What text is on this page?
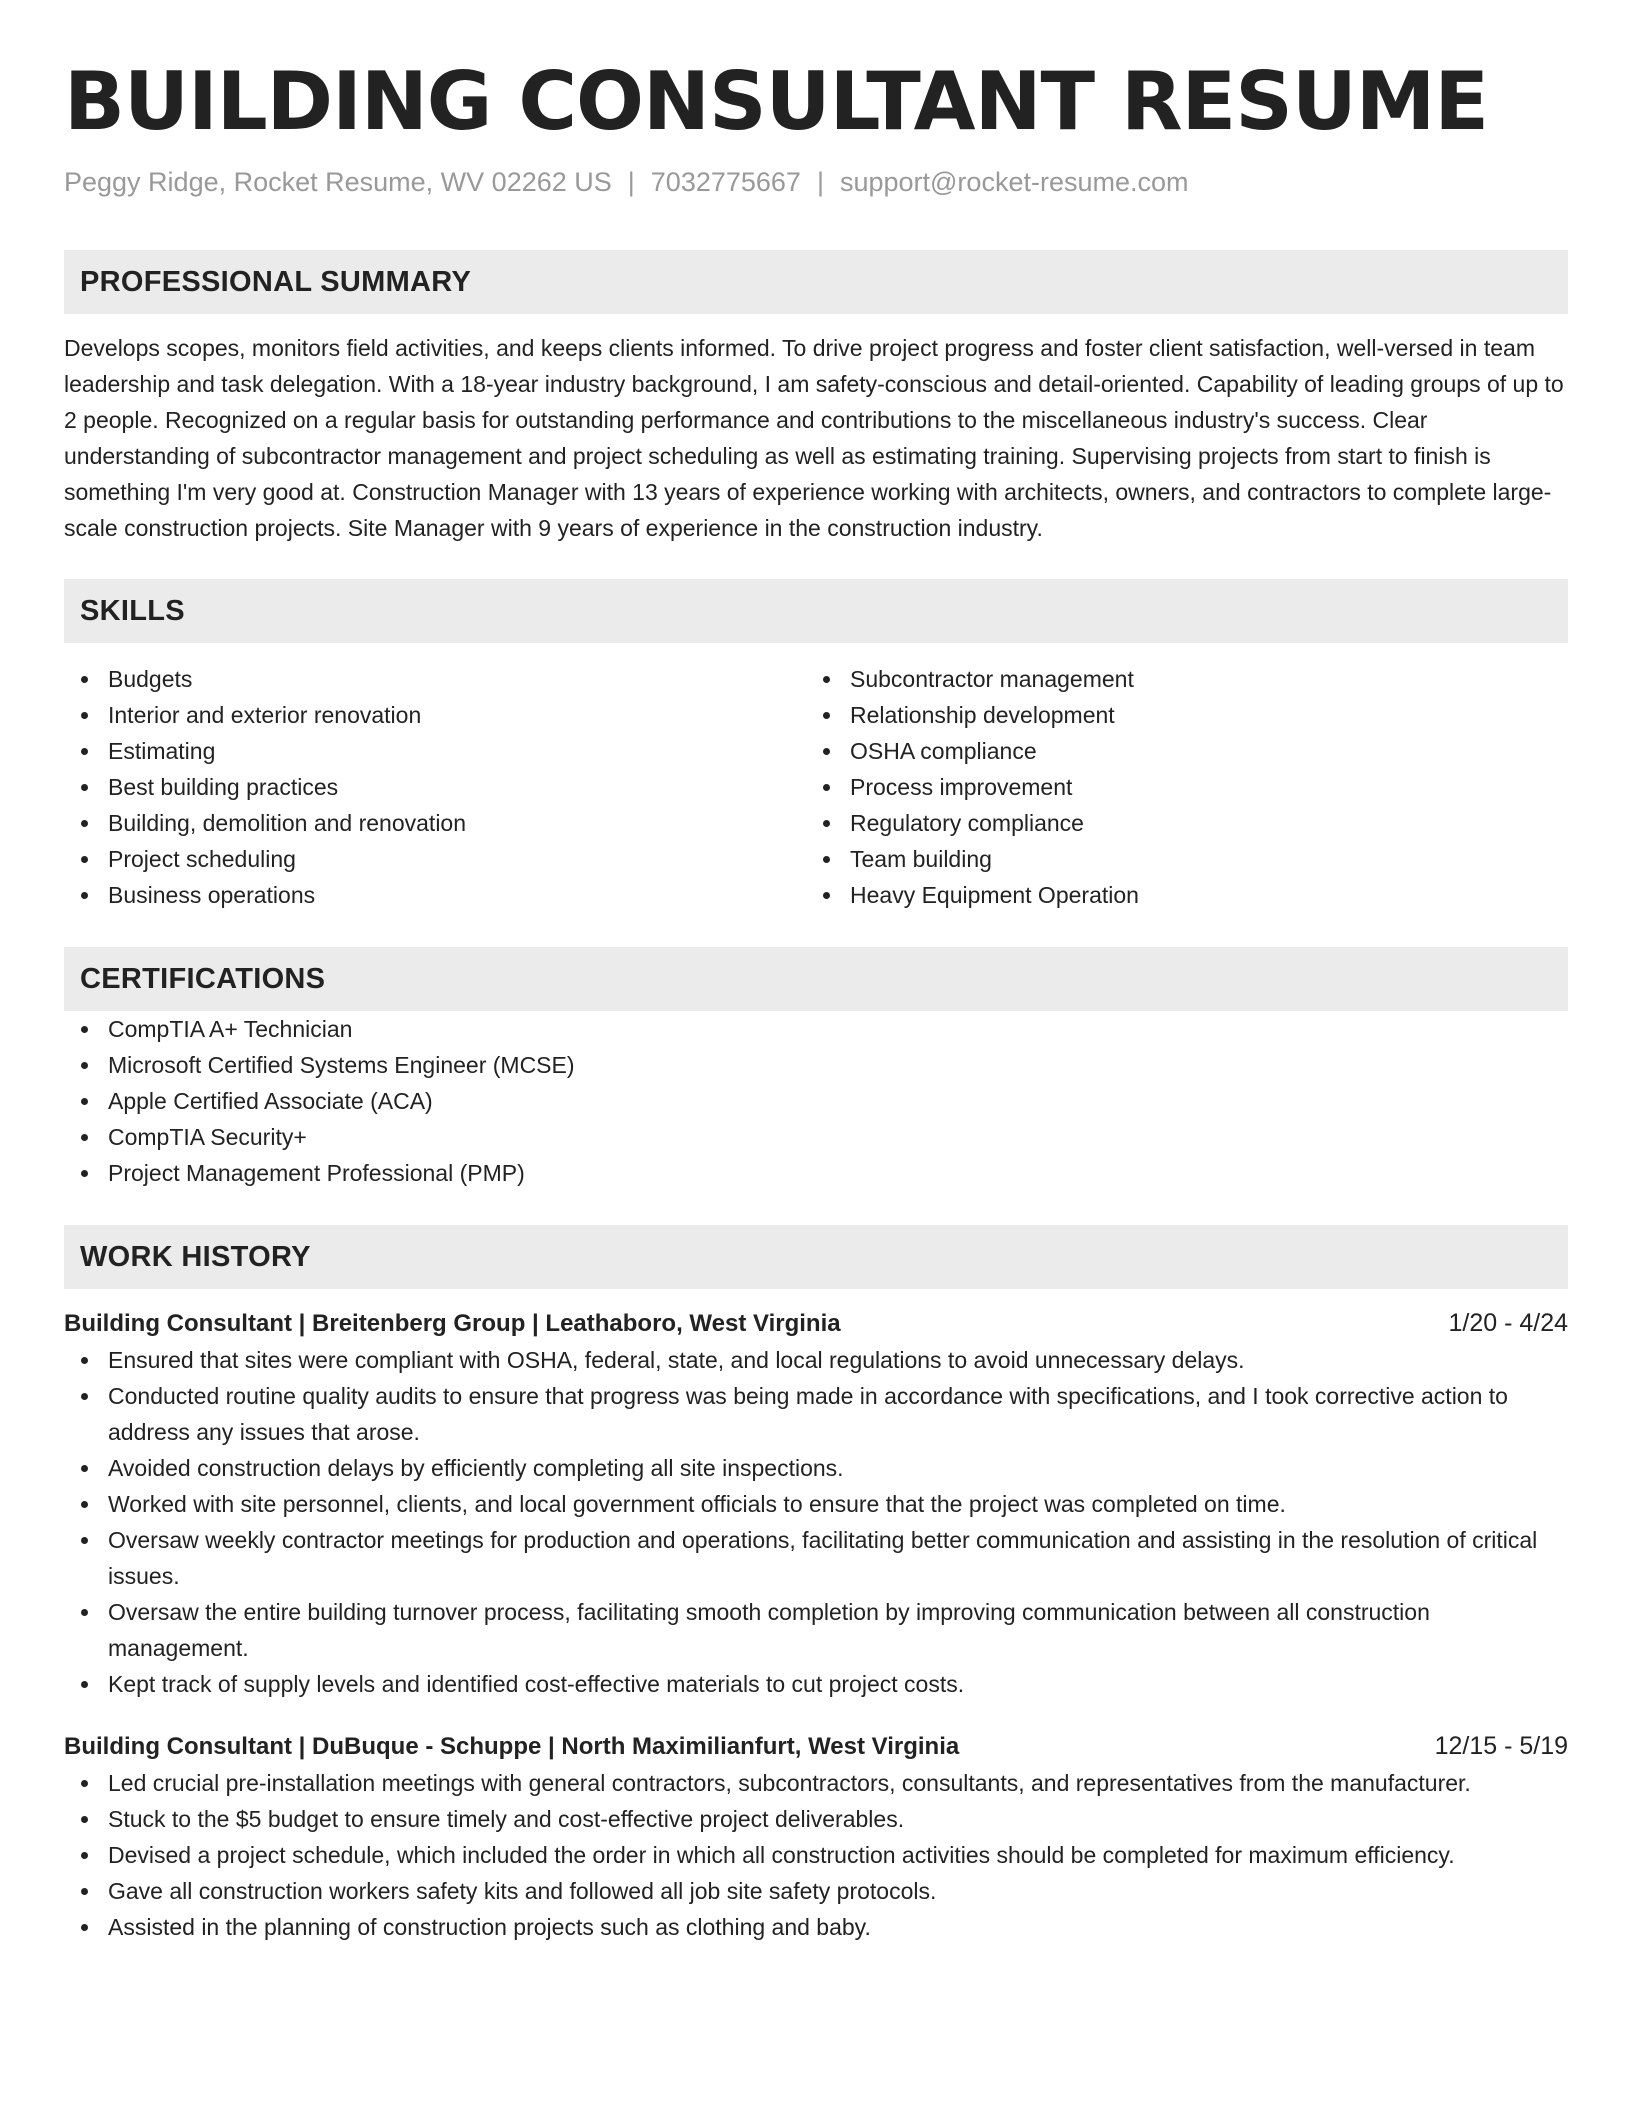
BUILDING CONSULTANT RESUME
Peggy Ridge, Rocket Resume, WV 02262 US | 7032775667 | support@rocket-resume.com
PROFESSIONAL SUMMARY

Develops scopes, monitors field activities, and keeps clients informed. To drive project progress and foster client satisfaction, well-versed in team leadership and task delegation. With a 18-year industry background, I am safety-conscious and detail-oriented. Capability of leading groups of up to 2 people. Recognized on a regular basis for outstanding performance and contributions to the miscellaneous industry's success. Clear understanding of subcontractor management and project scheduling as well as estimating training. Supervising projects from start to finish is something I'm very good at. Construction Manager with 13 years of experience working with architects, owners, and contractors to complete large-scale construction projects. Site Manager with 9 years of experience in the construction industry.

SKILLS
Budgets
Interior and exterior renovation
Estimating
Best building practices
Building, demolition and renovation
Project scheduling
Business operations
Subcontractor management
Relationship development
OSHA compliance
Process improvement
Regulatory compliance
Team building
Heavy Equipment Operation
CERTIFICATIONS
CompTIA A+ Technician
Microsoft Certified Systems Engineer (MCSE)
Apple Certified Associate (ACA)
CompTIA Security+
Project Management Professional (PMP)
WORK HISTORY
Building Consultant | Breitenberg Group | Leathaboro, West Virginia	1/20 - 4/24
Ensured that sites were compliant with OSHA, federal, state, and local regulations to avoid unnecessary delays.
Conducted routine quality audits to ensure that progress was being made in accordance with specifications, and I took corrective action to address any issues that arose.
Avoided construction delays by efficiently completing all site inspections.
Worked with site personnel, clients, and local government officials to ensure that the project was completed on time.
Oversaw weekly contractor meetings for production and operations, facilitating better communication and assisting in the resolution of critical issues.
Oversaw the entire building turnover process, facilitating smooth completion by improving communication between all construction management.
Kept track of supply levels and identified cost-effective materials to cut project costs.
Building Consultant | DuBuque - Schuppe | North Maximilianfurt, West Virginia	12/15 - 5/19
Led crucial pre-installation meetings with general contractors, subcontractors, consultants, and representatives from the manufacturer.
Stuck to the $5 budget to ensure timely and cost-effective project deliverables.
Devised a project schedule, which included the order in which all construction activities should be completed for maximum efficiency.
Gave all construction workers safety kits and followed all job site safety protocols.
Assisted in the planning of construction projects such as clothing and baby.
